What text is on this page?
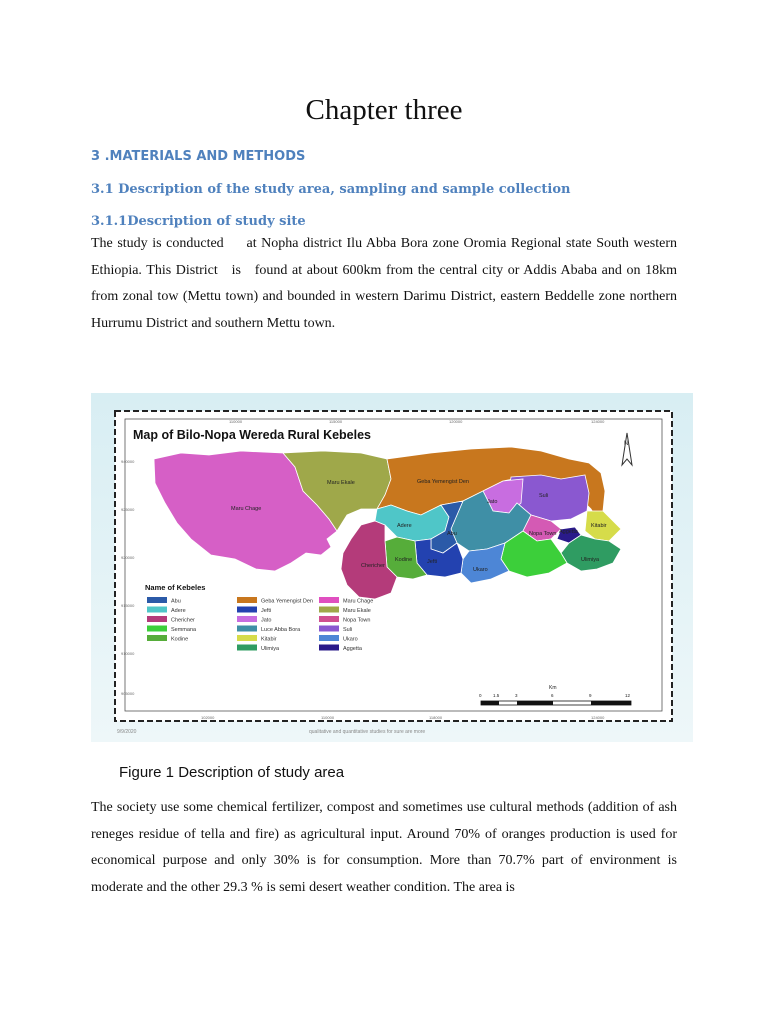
Chapter three
3 .MATERIALS AND METHODS
3.1 Description of the study area, sampling and sample collection
3.1.1Description of study site
The study is conducted     at Nopha district Ilu Abba Bora zone Oromia Regional state South western Ethiopia. This District   is   found at about 600km from the central city or Addis Ababa and on 18km from zonal tow (Mettu town) and bounded in western Darimu District, eastern Beddelle zone northern Hurrumu District and southern Mettu town.
Map of Bilo-Nopa Wereda Rural Kebeles
110000	115000	120000	124000
102000	110000	118000	124000
940000
925000
920000
915000
910000
905000
N
Maru Chage
Maru Ekale	Geba Yemengist Den
Suli
Jato
Adere
Abu
Chericher
Kodine	Jefti
Ukaro
Nopa Town Aggetta
Kitabir
Ulimiya
Name of Kebeles
Abu
Adere
Chericher
Semmana
Kodine
Geba Yemengist Den
Jefti
Jato
Luce Abba Bora
Kitabir
Ulimiya
Maru Chage
Maru Ekale
Nopa Town
Suli
Ukaro
Aggetta
Km
0	1.5	3	6	9	12
9/9/2020	qualitative and quantitative studies for sure are more
Figure 1 Description of study area
The society use some chemical fertilizer, compost and sometimes use cultural methods (addition of ash reneges residue of tella and fire) as agricultural input. Around 70% of oranges production is used for economical purpose and only 30% is for consumption. More than 70.7% part of environment is moderate and the other 29.3 % is semi desert weather condition. The area is
